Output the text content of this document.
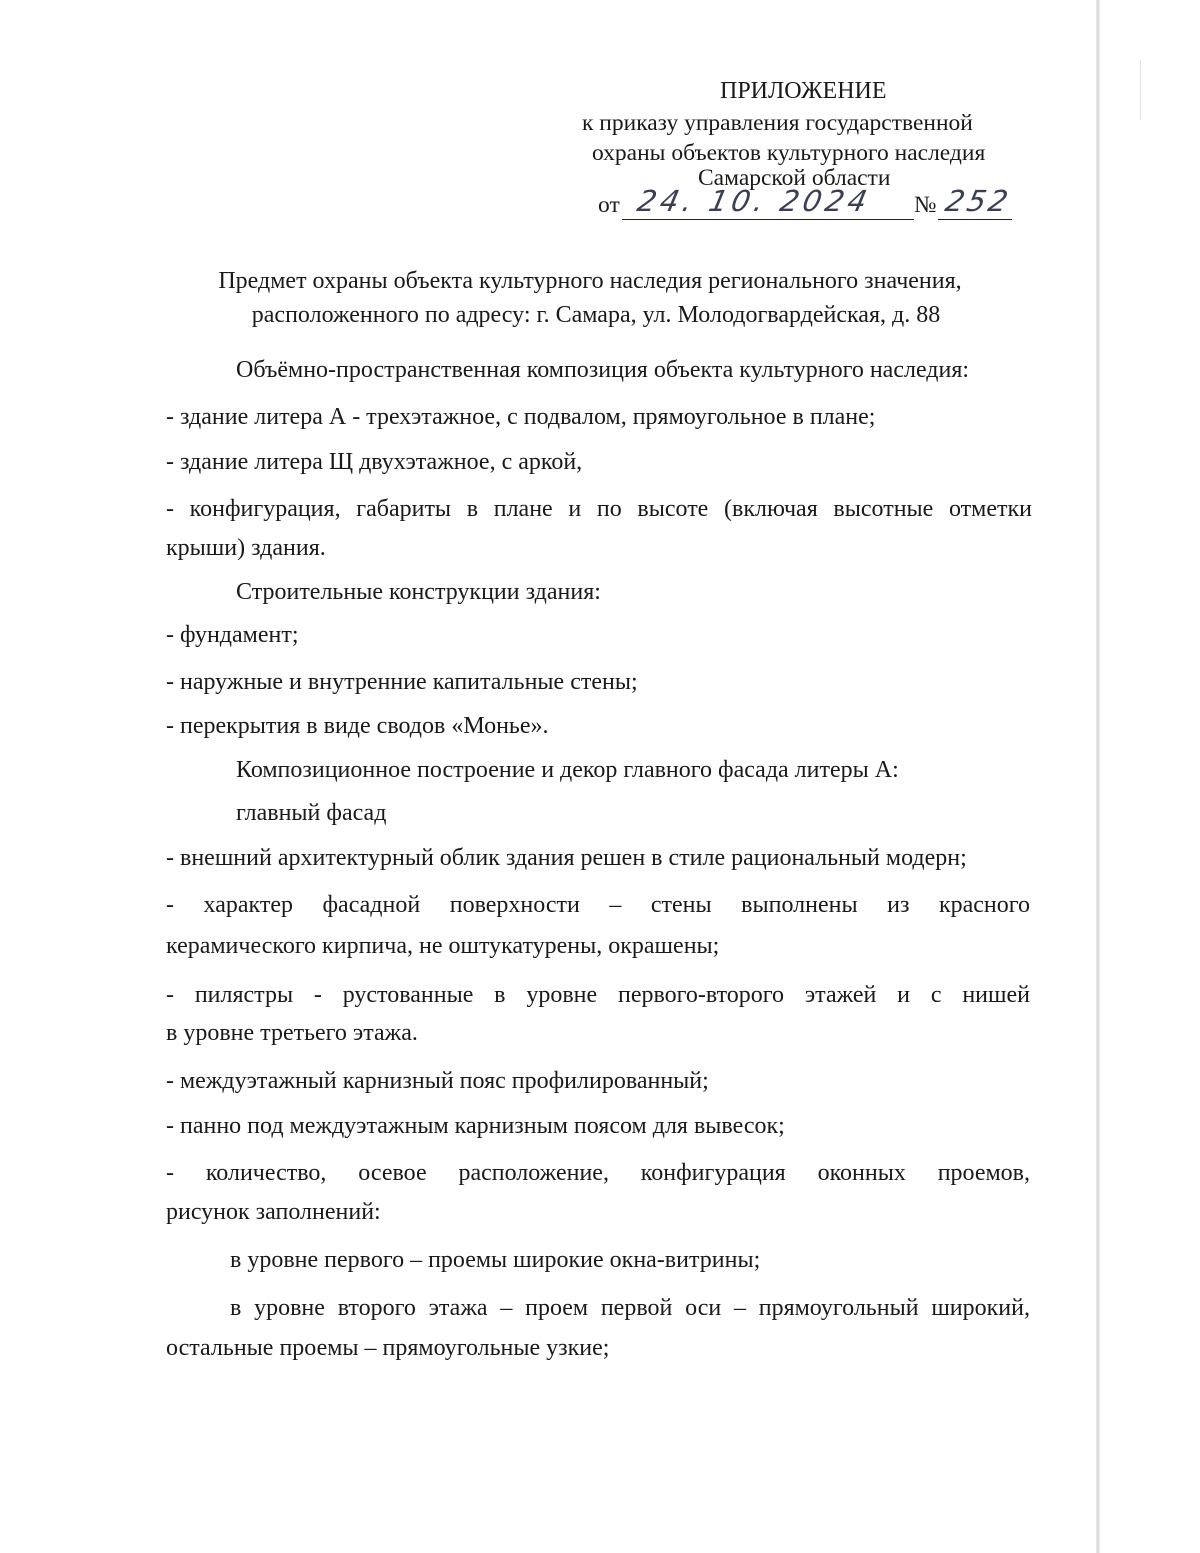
ПРИЛОЖЕНИЕ
к приказу управления государственной
охраны объектов культурного наследия
Самарской области
от 24. 10. 2024 № 252
Предмет охраны объекта культурного наследия регионального значения,
расположенного по адресу: г. Самара, ул. Молодогвардейская, д. 88
Объёмно-пространственная композиция объекта культурного наследия:
- здание литера А - трехэтажное, с подвалом, прямоугольное в плане;
- здание литера Щ двухэтажное, с аркой,
- конфигурация, габариты в плане и по высоте (включая высотные отметки
крыши) здания.
Строительные конструкции здания:
- фундамент;
- наружные и внутренние капитальные стены;
- перекрытия в виде сводов «Монье».
Композиционное построение и декор главного фасада литеры А:
главный фасад
- внешний архитектурный облик здания решен в стиле рациональный модерн;
- характер фасадной поверхности – стены выполнены из красного
керамического кирпича, не оштукатурены, окрашены;
- пилястры - рустованные в уровне первого-второго этажей и с нишей
в уровне третьего этажа.
- междуэтажный карнизный пояс профилированный;
- панно под междуэтажным карнизным поясом для вывесок;
- количество, осевое расположение, конфигурация оконных проемов,
рисунок заполнений:
в уровне первого – проемы широкие окна-витрины;
в уровне второго этажа – проем первой оси – прямоугольный широкий,
остальные проемы – прямоугольные узкие;
